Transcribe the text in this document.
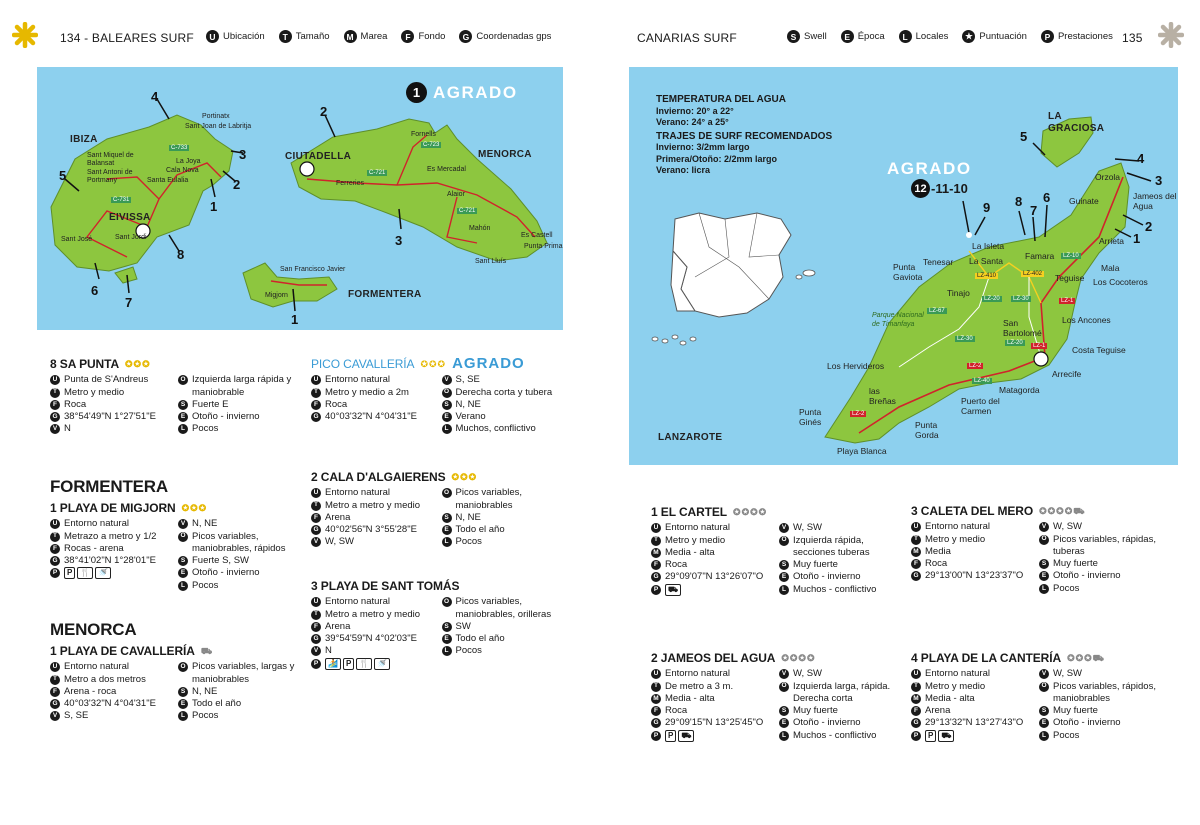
134 - BALEARES SURF	U Ubicación	T Tamaño	M Marea	F Fondo	G Coordenadas gps	CANARIAS SURF	S Swell	E Época	L Locales	★ Puntuación	P Prestaciones 135
IBIZA
EIVISSA
MENORCA
CIUTADELLA
FORMENTERA
Portinatx
Sant Joan de Labritja
Sant Miquel de Balansat
Sant Antoni de Portmany
La Joya
Cala Nova
Santa Eulalia
Sant Jordi
Sant José
Fornells
Es Mercadal
Ferreries
Alaior
Mahón
Es Castell
Punta Prima
Sant Lluís
San Francisco Javier
Migjorn
C-733
C-731
C-723
C-721
C-721
4
3
2
1
5
8
6
7
2
3
1
1 AGRADO	TEMPERATURA DEL AGUA
Invierno: 20° a 22°
Verano: 24° a 25°
TRAJES DE SURF RECOMENDADOS
Invierno: 3/2mm largo
Primera/Otoño: 2/2mm largo
Verano: licra	AGRADO
12 -11-10
LA GRACIOSA
Orzola
Jameos del Agua
Guinate
Arrieta
La Isleta
La Santa	Famara
Tenesar
Punta Gaviota	Teguise
Mala
Los Cocoteros
Tinajo
Parque Nacional de Timanfaya	San Bartolomé
Los Ancones
Costa Teguise
Arrecife
Los Hervideros
las Breñas
Matagorda
Puerto del Carmen
Punta Ginés	Punta Gorda
Playa Blanca
LANZAROTE
LZ-410	LZ-402
LZ-10
LZ-20	LZ-30	LZ-1
LZ-67
LZ-30
LZ-20
LZ-2
LZ-40
LZ-2
LZ-1
5
4
3
2
1
9 8
7
6
8 SA PUNTA ✪✪✪
U Punta de S'Andreus
T Metro y medio
F Roca
G 38°54'49"N 1°27'51"E
V N
O Izquierda larga rápida y maniobrable
S Fuerte E
E Otoño - invierno
L Pocos
PICO CAVALLERÍA ✪✪✪ AGRADO
U Entorno natural
T Metro y medio a 2m
F Roca
G 40°03'32"N 4°04'31"E
V S, SE
O Derecha corta y tubera
S N, NE
E Verano
L Muchos, conflictivo
FORMENTERA
1 PLAYA DE MIGJORN ✪✪✪
U Entorno natural
T Metrazo a metro y 1/2
F Rocas - arena
G 38°41'02"N 1°28'01"E
P	P	🍴	🚿
V N, NE
O Picos variables, maniobrables, rápidos
S Fuerte S, SW
E Otoño - invierno
L Pocos
2 CALA D'ALGAIERENS ✪✪✪
U Entorno natural
T Metro a metro y medio
F Arena
G 40°02'56"N 3°55'28"E
V W, SW
O Picos variables, maniobrables
S N, NE
E Todo el año
L Pocos
3 PLAYA DE SANT TOMÁS
U Entorno natural
T Metro a metro y medio
F Arena
G 39°54'59"N 4°02'03"E
V N
P	🏄	P	🍴	🚿
O Picos variables, maniobrables, orilleras
S SW
E Todo el año
L Pocos
MENORCA
1 PLAYA DE CAVALLERÍA ⛟
U Entorno natural
T Metro a dos metros
F Arena - roca
G 40°03'32"N 4°04'31"E
V S, SE
O Picos variables, largas y maniobrables
S N, NE
E Todo el año
L Pocos
1 EL CARTEL ✪✪✪✪
U Entorno natural
T Metro y medio
M Media - alta
F Roca
G 29°09'07"N 13°26'07"O
P	⛟
V W, SW
O Izquierda rápida, secciones tuberas
S Muy fuerte
E Otoño - invierno
L Muchos - conflictivo
3 CALETA DEL MERO ✪✪✪✪⛟
U Entorno natural
T Metro y medio
M Media
F Roca
G 29°13'00"N 13°23'37"O
V W, SW
O Picos variables, rápidas, tuberas
S Muy fuerte
E Otoño - invierno
L Pocos
2 JAMEOS DEL AGUA ✪✪✪✪
U Entorno natural
T De metro a 3 m.
M Media - alta
F Roca
G 29°09'15"N 13°25'45"O
P	P	⛟
V W, SW
O Izquierda larga, rápida. Derecha corta
S Muy fuerte
E Otoño - invierno
L Muchos - conflictivo
4 PLAYA DE LA CANTERÍA ✪✪✪⛟
U Entorno natural
T Metro y medio
M Media - alta
F Arena
G 29°13'32"N 13°27'43"O
P	P	⛟
V W, SW
O Picos variables, rápidos, maniobrables
S Muy fuerte
E Otoño - invierno
L Pocos
